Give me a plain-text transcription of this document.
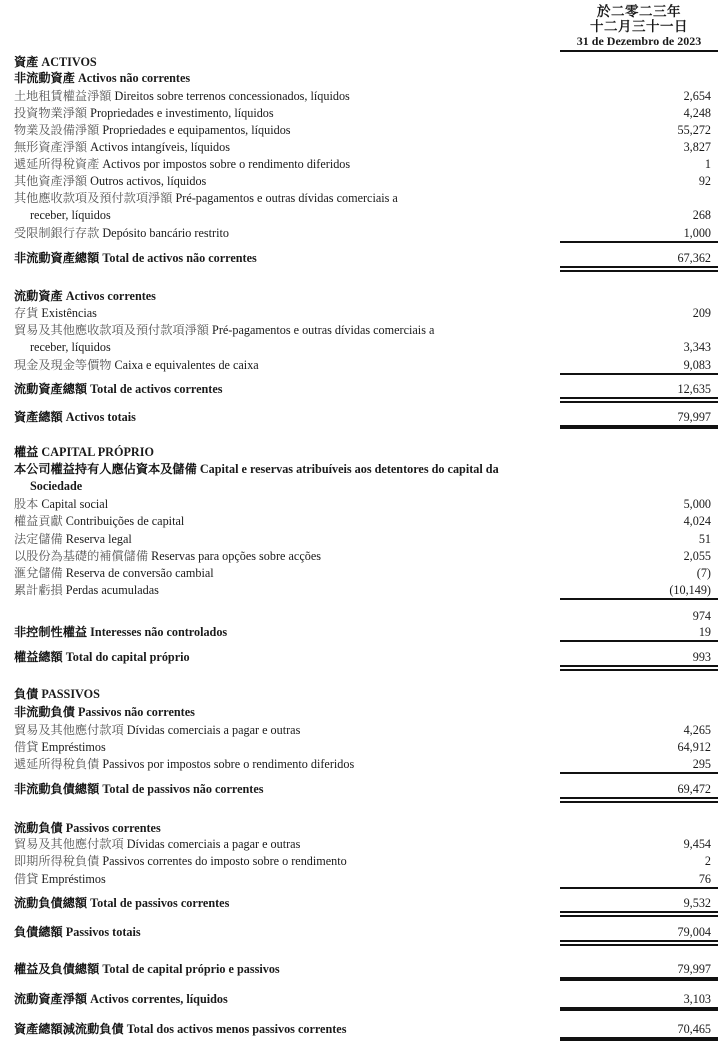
於二零二三年
十二月三十一日
31 de Dezembro de 2023
資產 ACTIVOS
非流動資產 Activos não correntes
土地租賃權益淨額 Direitos sobre terrenos concessionados, líquidos	2,654
投資物業淨額 Propriedades e investimento, líquidos	4,248
物業及設備淨額 Propriedades e equipamentos, líquidos	55,272
無形資產淨額 Activos intangíveis, líquidos	3,827
遞延所得稅資產 Activos por impostos sobre o rendimento diferidos	1
其他資產淨額 Outros activos, líquidos	92
其他應收款項及預付款項淨額 Pré-pagamentos e outras dívidas comerciais a
receber, líquidos	268
受限制銀行存款 Depósito bancário restrito	1,000
非流動資產總額 Total de activos não correntes	67,362
流動資產 Activos correntes
存貨 Existências	209
貿易及其他應收款項及預付款項淨額 Pré-pagamentos e outras dívidas comerciais a
receber, líquidos	3,343
現金及現金等價物 Caixa e equivalentes de caixa	9,083
流動資產總額 Total de activos correntes	12,635
資產總額 Activos totais	79,997
權益 CAPITAL PRÓPRIO
本公司權益持有人應佔資本及儲備 Capital e reservas atribuíveis aos detentores do capital da
Sociedade
股本 Capital social	5,000
權益貢獻 Contribuições de capital	4,024
法定儲備 Reserva legal	51
以股份為基礎的補償儲備 Reservas para opções sobre acções	2,055
滙兌儲備 Reserva de conversão cambial	(7)
累計虧損 Perdas acumuladas	(10,149)
974
非控制性權益 Interesses não controlados	19
權益總額 Total do capital próprio	993
負債 PASSIVOS
非流動負債 Passivos não correntes
貿易及其他應付款項 Dívidas comerciais a pagar e outras	4,265
借貸 Empréstimos	64,912
遞延所得稅負債 Passivos por impostos sobre o rendimento diferidos	295
非流動負債總額 Total de passivos não correntes	69,472
流動負債 Passivos correntes
貿易及其他應付款項 Dívidas comerciais a pagar e outras	9,454
即期所得稅負債 Passivos correntes do imposto sobre o rendimento	2
借貸 Empréstimos	76
流動負債總額 Total de passivos correntes	9,532
負債總額 Passivos totais	79,004
權益及負債總額 Total de capital próprio e passivos	79,997
流動資產淨額 Activos correntes, líquidos	3,103
資產總額減流動負債 Total dos activos menos passivos correntes	70,465
